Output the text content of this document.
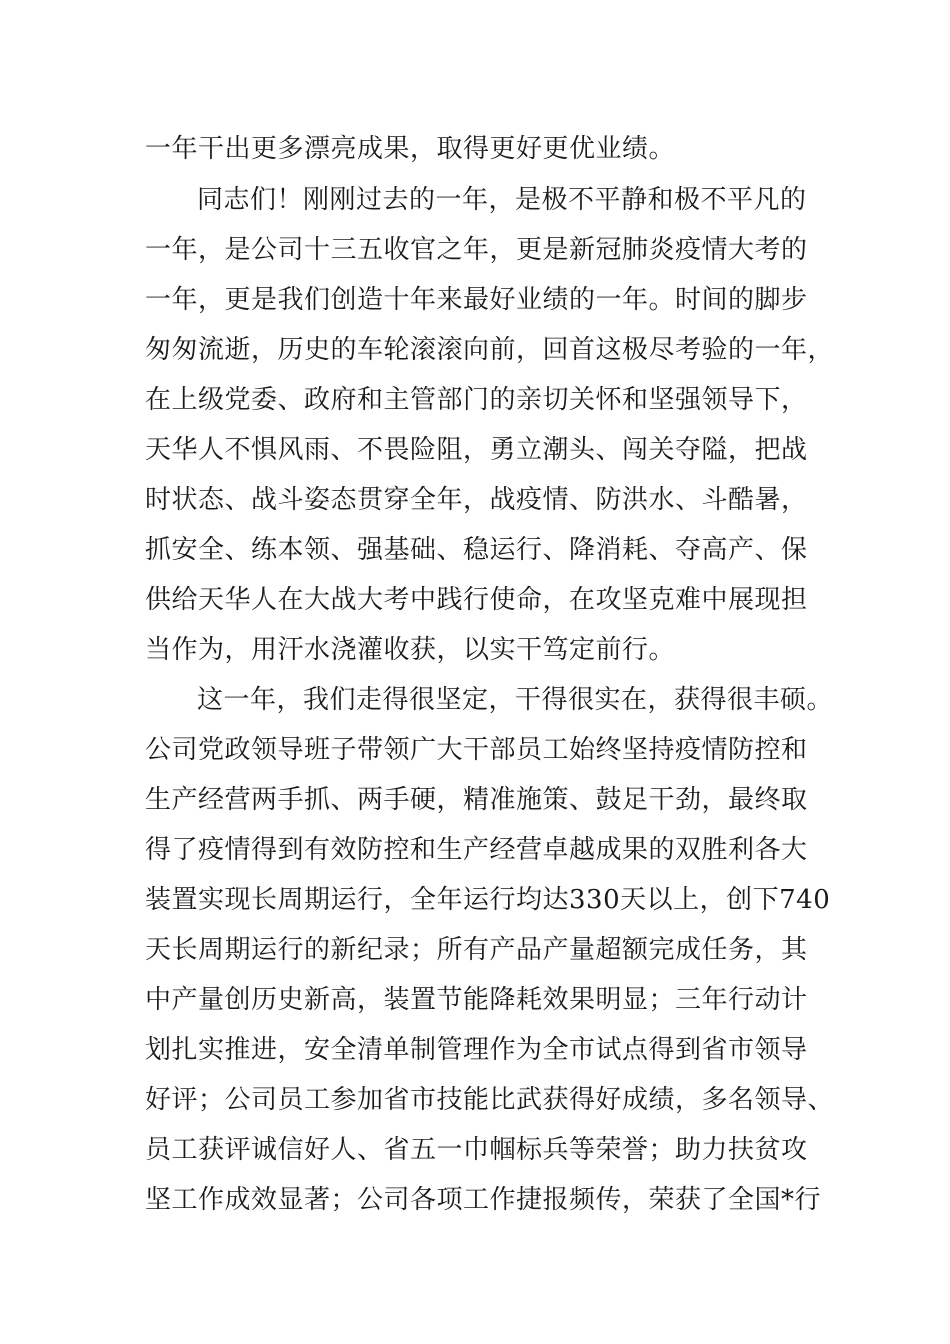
一年干出更多漂亮成果，取得更好更优业绩。
同志们！刚刚过去的一年，是极不平静和极不平凡的
一年，是公司十三五收官之年，更是新冠肺炎疫情大考的
一年，更是我们创造十年来最好业绩的一年。时间的脚步
匆匆流逝，历史的车轮滚滚向前，回首这极尽考验的一年，
在上级党委、政府和主管部门的亲切关怀和坚强领导下，
天华人不惧风雨、不畏险阻，勇立潮头、闯关夺隘，把战
时状态、战斗姿态贯穿全年，战疫情、防洪水、斗酷暑，
抓安全、练本领、强基础、稳运行、降消耗、夺高产、保
供给天华人在大战大考中践行使命，在攻坚克难中展现担
当作为，用汗水浇灌收获，以实干笃定前行。
这一年，我们走得很坚定，干得很实在，获得很丰硕。
公司党政领导班子带领广大干部员工始终坚持疫情防控和
生产经营两手抓、两手硬，精准施策、鼓足干劲，最终取
得了疫情得到有效防控和生产经营卓越成果的双胜利各大
装置实现长周期运行，全年运行均达330天以上，创下740
天长周期运行的新纪录；所有产品产量超额完成任务，其
中产量创历史新高，装置节能降耗效果明显；三年行动计
划扎实推进，安全清单制管理作为全市试点得到省市领导
好评；公司员工参加省市技能比武获得好成绩，多名领导、
员工获评诚信好人、省五一巾帼标兵等荣誉；助力扶贫攻
坚工作成效显著；公司各项工作捷报频传，荣获了全国*行
